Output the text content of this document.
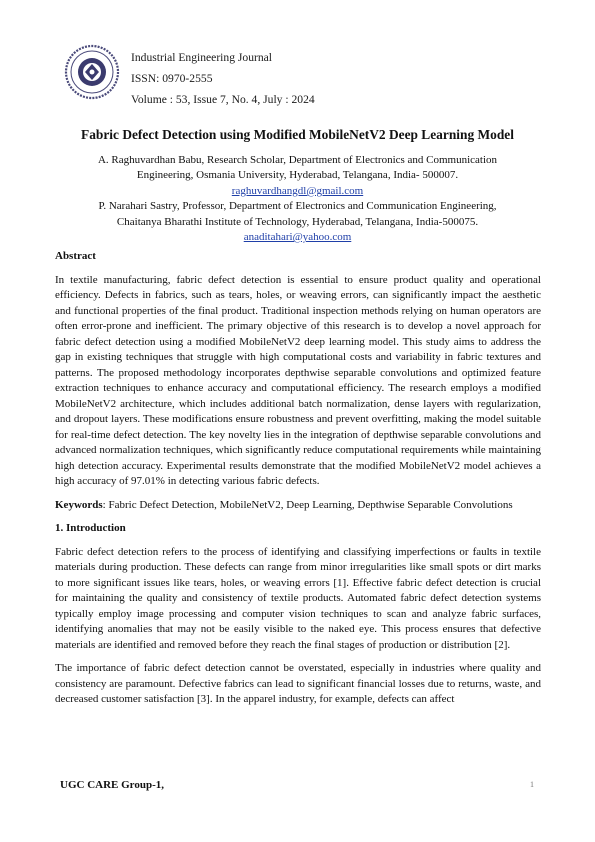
Industrial Engineering Journal
ISSN: 0970-2555
Volume : 53, Issue 7, No. 4, July : 2024
Fabric Defect Detection using Modified MobileNetV2 Deep Learning Model
A. Raghuvardhan Babu, Research Scholar, Department of Electronics and Communication
Engineering, Osmania University, Hyderabad, Telangana, India- 500007.
raghuvardhangdl@gmail.com
P. Narahari Sastry, Professor, Department of Electronics and Communication Engineering,
Chaitanya Bharathi Institute of Technology, Hyderabad, Telangana, India-500075.
anaditahari@yahoo.com
Abstract
In textile manufacturing, fabric defect detection is essential to ensure product quality and operational efficiency. Defects in fabrics, such as tears, holes, or weaving errors, can significantly impact the aesthetic and functional properties of the final product. Traditional inspection methods relying on human operators are often error-prone and inefficient. The primary objective of this research is to develop a novel approach for fabric defect detection using a modified MobileNetV2 deep learning model. This study aims to address the gap in existing techniques that struggle with high computational costs and variability in fabric textures and patterns. The proposed methodology incorporates depthwise separable convolutions and optimized feature extraction techniques to enhance accuracy and computational efficiency. The research employs a modified MobileNetV2 architecture, which includes additional batch normalization, dense layers with regularization, and dropout layers. These modifications ensure robustness and prevent overfitting, making the model suitable for real-time defect detection. The key novelty lies in the integration of depthwise separable convolutions and advanced normalization techniques, which significantly reduce computational requirements while maintaining high detection accuracy. Experimental results demonstrate that the modified MobileNetV2 model achieves a high accuracy of 97.01% in detecting various fabric defects.
Keywords: Fabric Defect Detection, MobileNetV2, Deep Learning, Depthwise Separable Convolutions
1. Introduction
Fabric defect detection refers to the process of identifying and classifying imperfections or faults in textile materials during production. These defects can range from minor irregularities like small spots or dirt marks to more significant issues like tears, holes, or weaving errors [1]. Effective fabric defect detection is crucial for maintaining the quality and consistency of textile products. Automated fabric defect detection systems typically employ image processing and computer vision techniques to scan and analyze fabric surfaces, identifying anomalies that may not be easily visible to the naked eye. This process ensures that defective materials are identified and removed before they reach the final stages of production or distribution [2].
The importance of fabric defect detection cannot be overstated, especially in industries where quality and consistency are paramount. Defective fabrics can lead to significant financial losses due to returns, waste, and decreased customer satisfaction [3]. In the apparel industry, for example, defects can affect
UGC CARE Group-1,	1
